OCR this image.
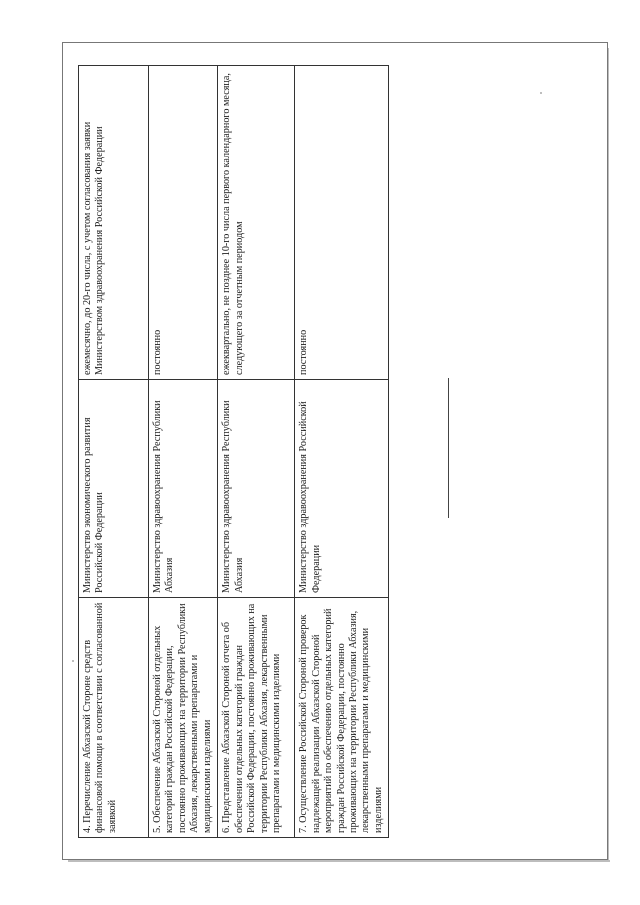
4. Перечисление Абхазской Стороне средств финансовой помощи в соответствии с согласованной заявкой	Министерство экономического развития Российской Федерации	ежемесячно, до 20-го числа, с учетом согласования заявки Министерством здравоохранения Российской Федерации
5. Обеспечение Абхазской Стороной отдельных категорий граждан Российской Федерации, постоянно проживающих на территории Республики Абхазия, лекарственными препаратами и медицинскими изделиями	Министерство здравоохранения Республики Абхазия	постоянно
6. Представление Абхазской Стороной отчета об обеспечении отдельных категорий граждан Российской Федерации, постоянно проживающих на территории Республики Абхазия, лекарственными препаратами и медицинскими изделиями	Министерство здравоохранения Республики Абхазия	ежеквартально, не позднее 10-го числа первого календарного месяца, следующего за отчетным периодом
7. Осуществление Российской Стороной проверок надлежащей реализации Абхазской Стороной мероприятий по обеспечению отдельных категорий граждан Российской Федерации, постоянно проживающих на территории Республики Абхазия, лекарственными препаратами и медицинскими изделиями	Министерство здравоохранения Российской Федерации	постоянно
